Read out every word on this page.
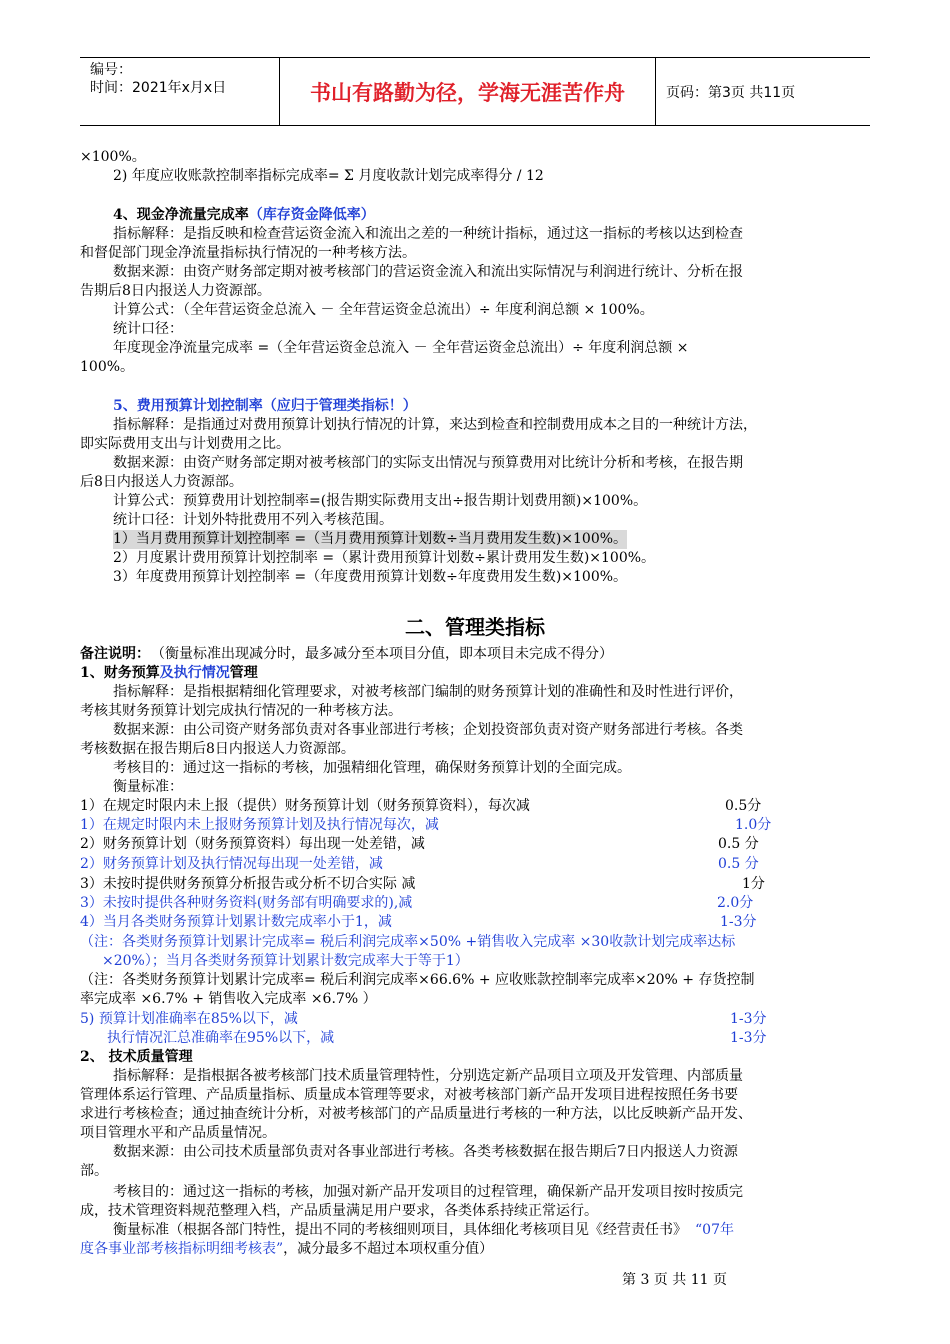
编号：
时间：2021年x月x日	书山有路勤为径，学海无涯苦作舟	页码：第3页 共11页
×100%。
2) 年度应收账款控制率指标完成率= Σ 月度收款计划完成率得分 / 12
4、现金净流量完成率（库存资金降低率）
指标解释：是指反映和检查营运资金流入和流出之差的一种统计指标，通过这一指标的考核以达到检查
和督促部门现金净流量指标执行情况的一种考核方法。
数据来源：由资产财务部定期对被考核部门的营运资金流入和流出实际情况与利润进行统计、分析在报
告期后8日内报送人力资源部。
计算公式：（全年营运资金总流入 － 全年营运资金总流出）÷ 年度利润总额 × 100%。
统计口径：
年度现金净流量完成率 =（全年营运资金总流入 － 全年营运资金总流出）÷ 年度利润总额 ×
100%。
5、费用预算计划控制率（应归于管理类指标！）
指标解释：是指通过对费用预算计划执行情况的计算，来达到检查和控制费用成本之目的一种统计方法，
即实际费用支出与计划费用之比。
数据来源：由资产财务部定期对被考核部门的实际支出情况与预算费用对比统计分析和考核，在报告期
后8日内报送人力资源部。
计算公式：预算费用计划控制率=(报告期实际费用支出÷报告期计划费用额)×100%。
统计口径：计划外特批费用不列入考核范围。
1）当月费用预算计划控制率 =（当月费用预算计划数÷当月费用发生数)×100%。
2）月度累计费用预算计划控制率 =（累计费用预算计划数÷累计费用发生数)×100%。
3）年度费用预算计划控制率 =（年度费用预算计划数÷年度费用发生数)×100%。
二、管理类指标
备注说明： （衡量标准出现减分时，最多减分至本项目分值，即本项目未完成不得分）
1、财务预算及执行情况管理
指标解释：是指根据精细化管理要求，对被考核部门编制的财务预算计划的准确性和及时性进行评价，
考核其财务预算计划完成执行情况的一种考核方法。
数据来源：由公司资产财务部负责对各事业部进行考核；企划投资部负责对资产财务部进行考核。各类
考核数据在报告期后8日内报送人力资源部。
考核目的：通过这一指标的考核，加强精细化管理，确保财务预算计划的全面完成。
衡量标准：
1）在规定时限内未上报（提供）财务预算计划（财务预算资料），每次减	0.5分
1）在规定时限内未上报财务预算计划及执行情况每次，减	1.0分
2）财务预算计划（财务预算资料）每出现一处差错，减	0.5 分
2）财务预算计划及执行情况每出现一处差错，减	0.5 分
3）未按时提供财务预算分析报告或分析不切合实际 减	1分
3）未按时提供各种财务资料(财务部有明确要求的),减	2.0分
4）当月各类财务预算计划累计数完成率小于1，减	1-3分
（注：各类财务预算计划累计完成率= 税后利润完成率×50% +销售收入完成率 ×30收款计划完成率达标
×20%）；当月各类财务预算计划累计数完成率大于等于1）
（注：各类财务预算计划累计完成率= 税后利润完成率×66.6% + 应收账款控制率完成率×20% + 存货控制
率完成率 ×6.7% + 销售收入完成率 ×6.7% ）
5) 预算计划准确率在85%以下，减	1-3分
执行情况汇总准确率在95%以下，减	1-3分
2、 技术质量管理
指标解释：是指根据各被考核部门技术质量管理特性，分别选定新产品项目立项及开发管理、内部质量
管理体系运行管理、产品质量指标、质量成本管理等要求，对被考核部门新产品开发项目进程按照任务书要
求进行考核检查；通过抽查统计分析，对被考核部门的产品质量进行考核的一种方法，以比反映新产品开发、
项目管理水平和产品质量情况。
数据来源：由公司技术质量部负责对各事业部进行考核。各类考核数据在报告期后7日内报送人力资源
部。
考核目的：通过这一指标的考核，加强对新产品开发项目的过程管理，确保新产品开发项目按时按质完
成，技术管理资料规范整理入档，产品质量满足用户要求，各类体系持续正常运行。
衡量标准（根据各部门特性，提出不同的考核细则项目，具体细化考核项目见《经营责任书》 “07年
度各事业部考核指标明细考核表”，减分最多不超过本项权重分值）
第 3 页 共 11 页
